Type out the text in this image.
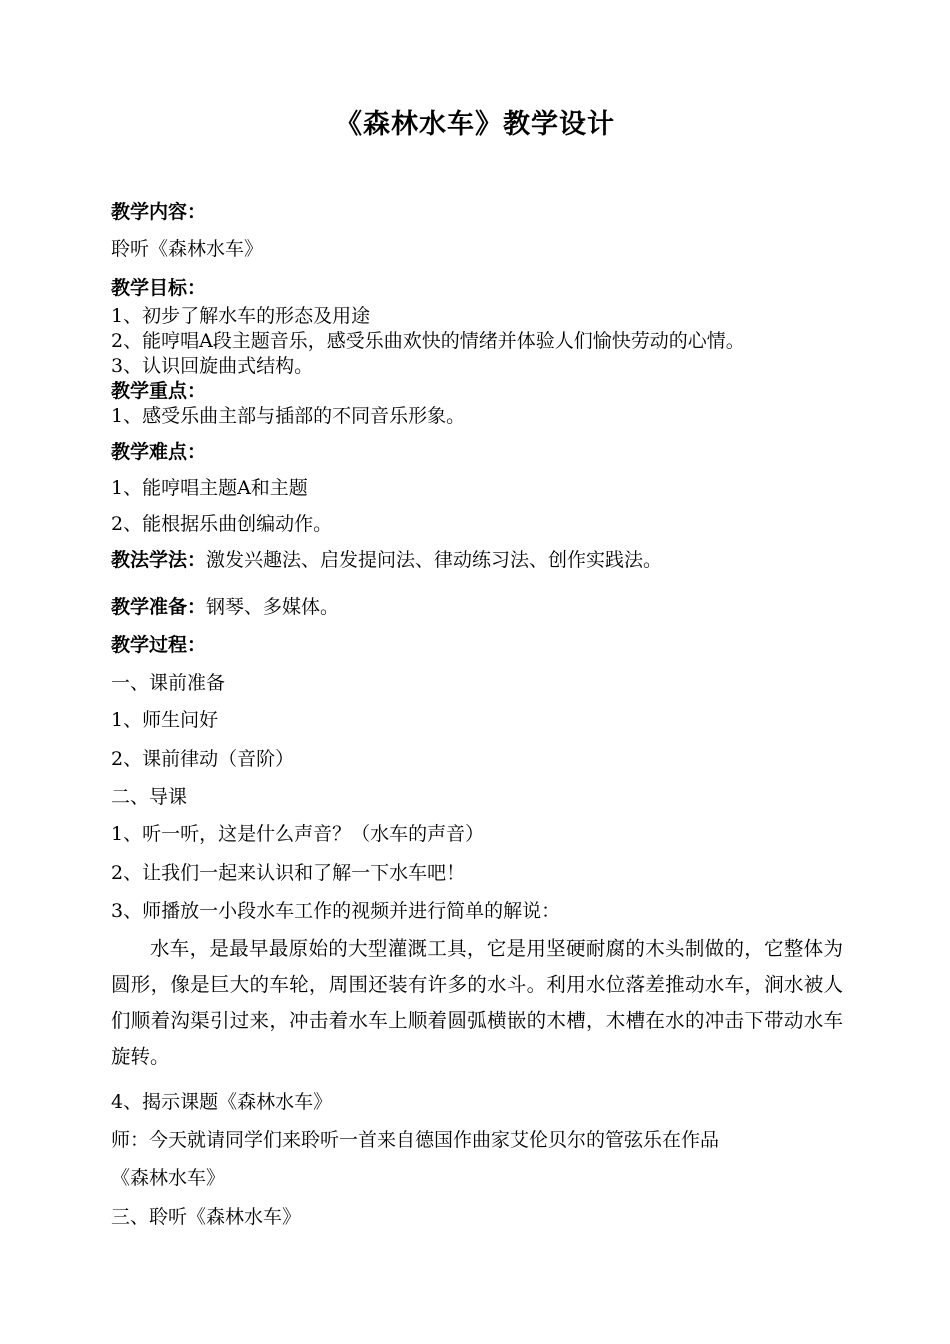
《森林水车》教学设计
教学内容：
聆听《森林水车》
教学目标：
1、初步了解水车的形态及用途
2、能哼唱A段主题音乐，感受乐曲欢快的情绪并体验人们愉快劳动的心情。
3、认识回旋曲式结构。
教学重点：
1、感受乐曲主部与插部的不同音乐形象。
教学难点：
1、能哼唱主题A和主题
2、能根据乐曲创编动作。
教法学法：激发兴趣法、启发提问法、律动练习法、创作实践法。
教学准备：钢琴、多媒体。
教学过程：
一、课前准备
1、师生问好
2、课前律动（音阶）
二、导课
1、听一听，这是什么声音？（水车的声音）
2、让我们一起来认识和了解一下水车吧！
3、师播放一小段水车工作的视频并进行简单的解说：
水车，是最早最原始的大型灌溉工具，它是用坚硬耐腐的木头制做的，它整体为圆形，像是巨大的车轮，周围还装有许多的水斗。利用水位落差推动水车，涧水被人们顺着沟渠引过来，冲击着水车上顺着圆弧横嵌的木槽，木槽在水的冲击下带动水车旋转。
4、揭示课题《森林水车》
师：今天就请同学们来聆听一首来自德国作曲家艾伦贝尔的管弦乐在作品
《森林水车》
三、聆听《森林水车》
